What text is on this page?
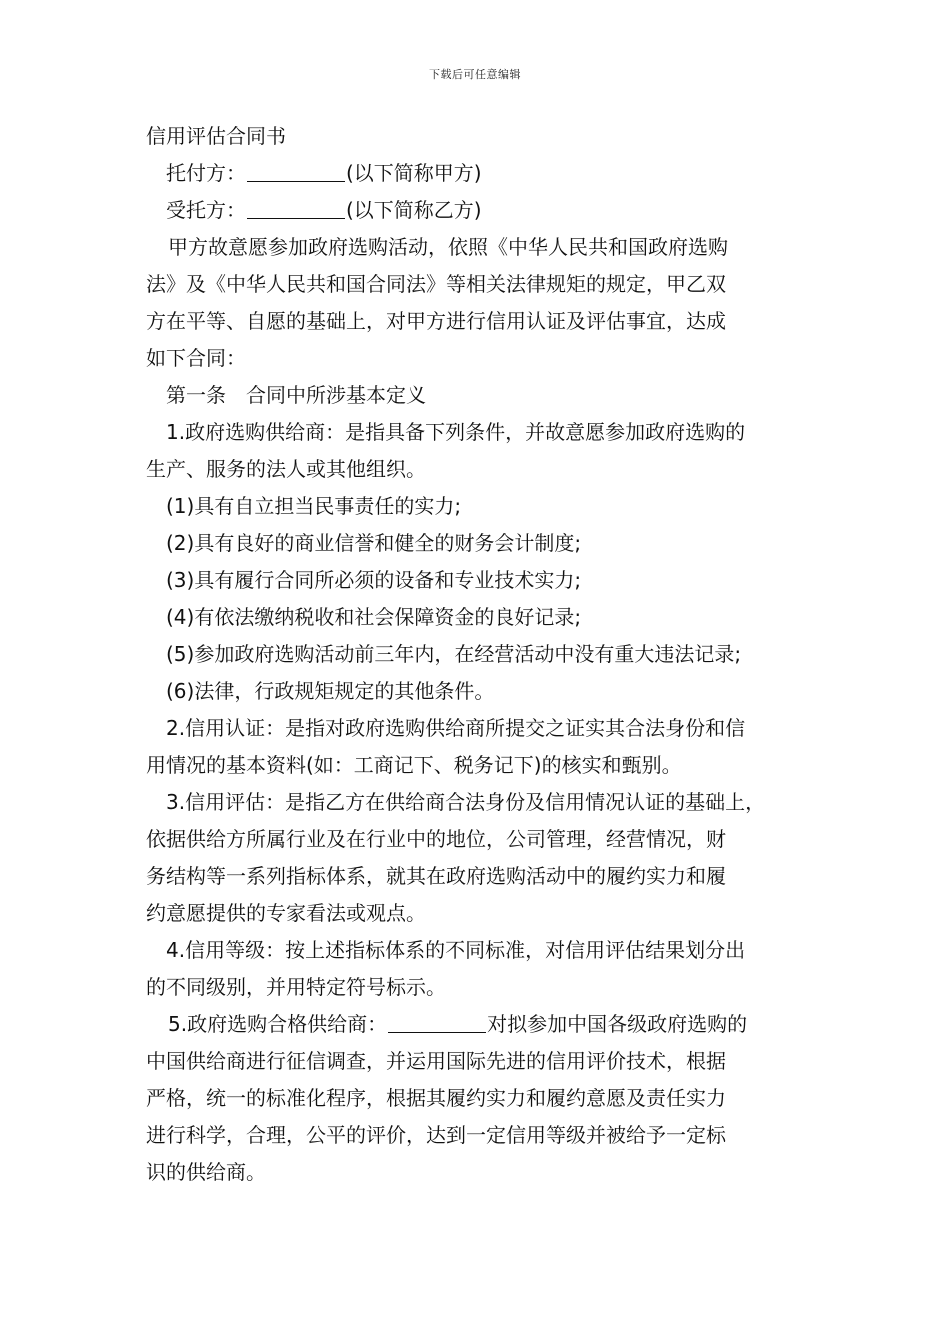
下载后可任意编辑
信用评估合同书
托付方：	(以下简称甲方)
受托方：	(以下简称乙方)
甲方故意愿参加政府选购活动，依照《中华人民共和国政府选购
法》及《中华人民共和国合同法》等相关法律规矩的规定，甲乙双
方在平等、自愿的基础上，对甲方进行信用认证及评估事宜，达成
如下合同：
第一条　合同中所涉基本定义
1.政府选购供给商：是指具备下列条件，并故意愿参加政府选购的
生产、服务的法人或其他组织。
(1)具有自立担当民事责任的实力;
(2)具有良好的商业信誉和健全的财务会计制度;
(3)具有履行合同所必须的设备和专业技术实力;
(4)有依法缴纳税收和社会保障资金的良好记录;
(5)参加政府选购活动前三年内，在经营活动中没有重大违法记录;
(6)法律，行政规矩规定的其他条件。
2.信用认证：是指对政府选购供给商所提交之证实其合法身份和信
用情况的基本资料(如：工商记下、税务记下)的核实和甄别。
3.信用评估：是指乙方在供给商合法身份及信用情况认证的基础上，
依据供给方所属行业及在行业中的地位，公司管理，经营情况，财
务结构等一系列指标体系，就其在政府选购活动中的履约实力和履
约意愿提供的专家看法或观点。
4.信用等级：按上述指标体系的不同标准，对信用评估结果划分出
的不同级别，并用特定符号标示。
5.政府选购合格供给商：	对拟参加中国各级政府选购的
中国供给商进行征信调查，并运用国际先进的信用评价技术，根据
严格，统一的标准化程序，根据其履约实力和履约意愿及责任实力
进行科学，合理，公平的评价，达到一定信用等级并被给予一定标
识的供给商。
